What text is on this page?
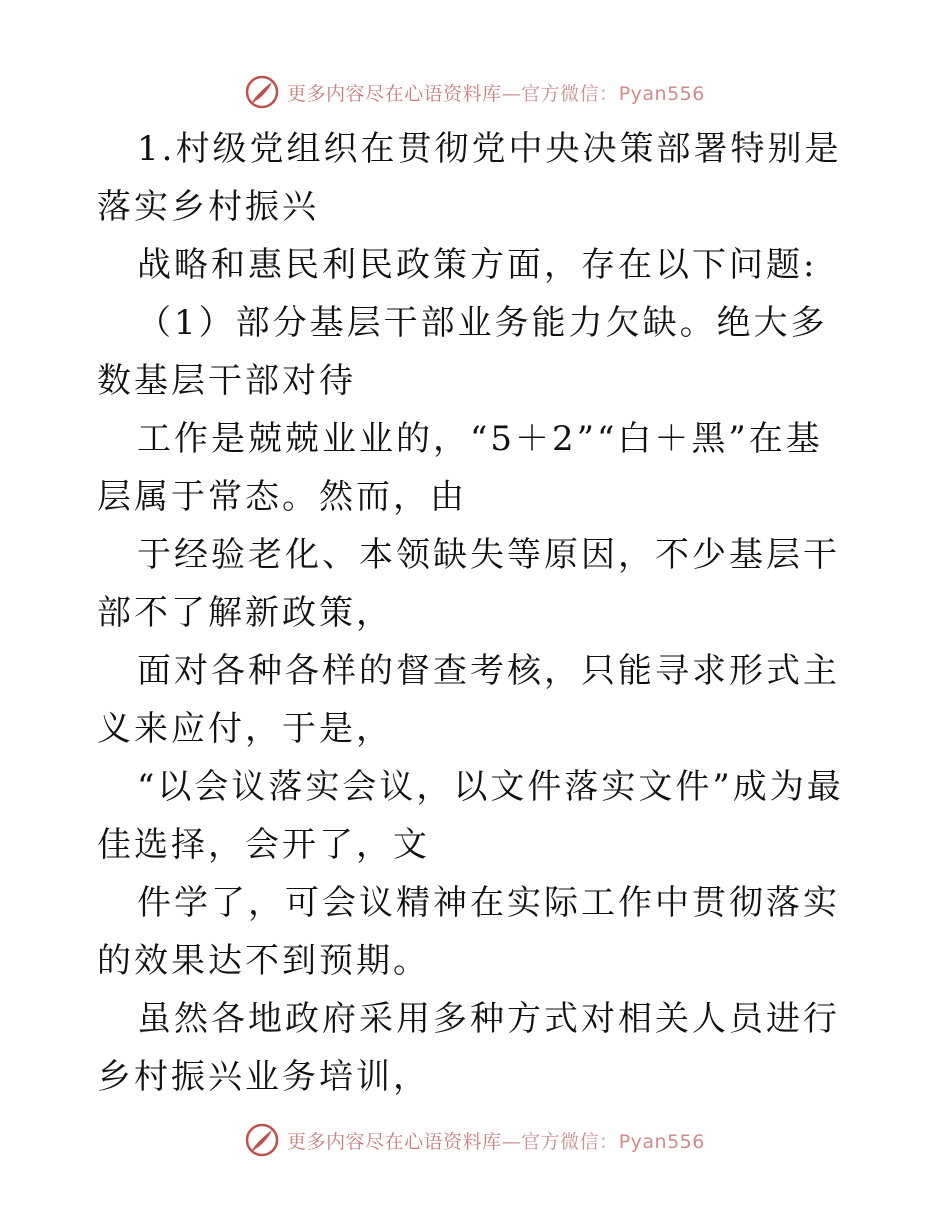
更多内容尽在心语资料库—官方微信：Pyan556

1.村级党组织在贯彻党中央决策部署特别是落实乡村振兴

战略和惠民利民政策方面，存在以下问题:

（1）部分基层干部业务能力欠缺。绝大多数基层干部对待

工作是兢兢业业的，“5＋2”“白＋黑”在基层属于常态。然而，由

于经验老化、本领缺失等原因，不少基层干部不了解新政策，

面对各种各样的督查考核，只能寻求形式主义来应付，于是，

“以会议落实会议，以文件落实文件”成为最佳选择，会开了，文

件学了，可会议精神在实际工作中贯彻落实的效果达不到预期。

虽然各地政府采用多种方式对相关人员进行乡村振兴业务培训，

更多内容尽在心语资料库—官方微信：Pyan556
